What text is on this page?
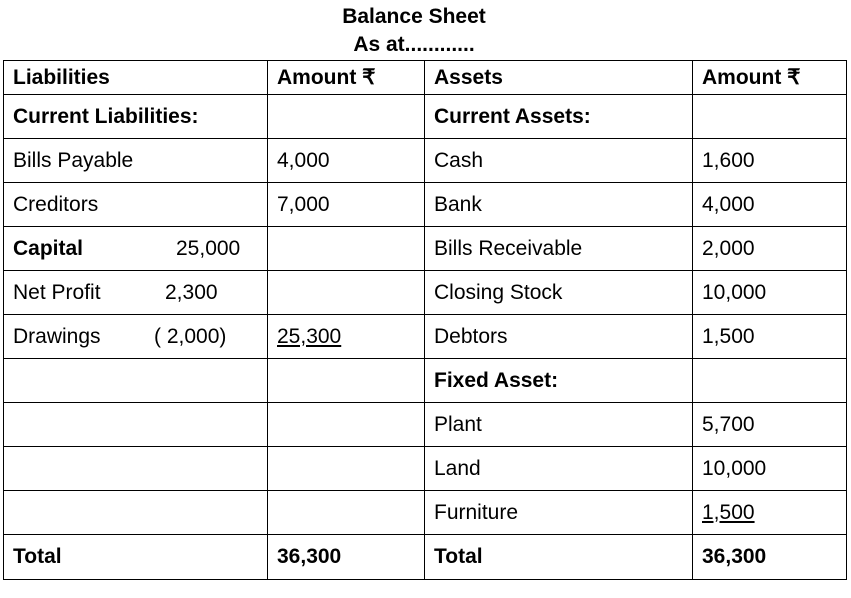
Balance Sheet
As at............
Liabilities	Amount ₹	Assets	Amount ₹
Current Liabilities:		Current Assets:	
Bills Payable	4,000	Cash	1,600
Creditors	7,000	Bank	4,000
Capital 25,000		Bills Receivable	2,000
Net Profit 2,300		Closing Stock	10,000
Drawings ( 2,000)	25,300	Debtors	1,500
		Fixed Asset:	
		Plant	5,700
		Land	10,000
		Furniture	1,500
Total	36,300	Total	36,300
